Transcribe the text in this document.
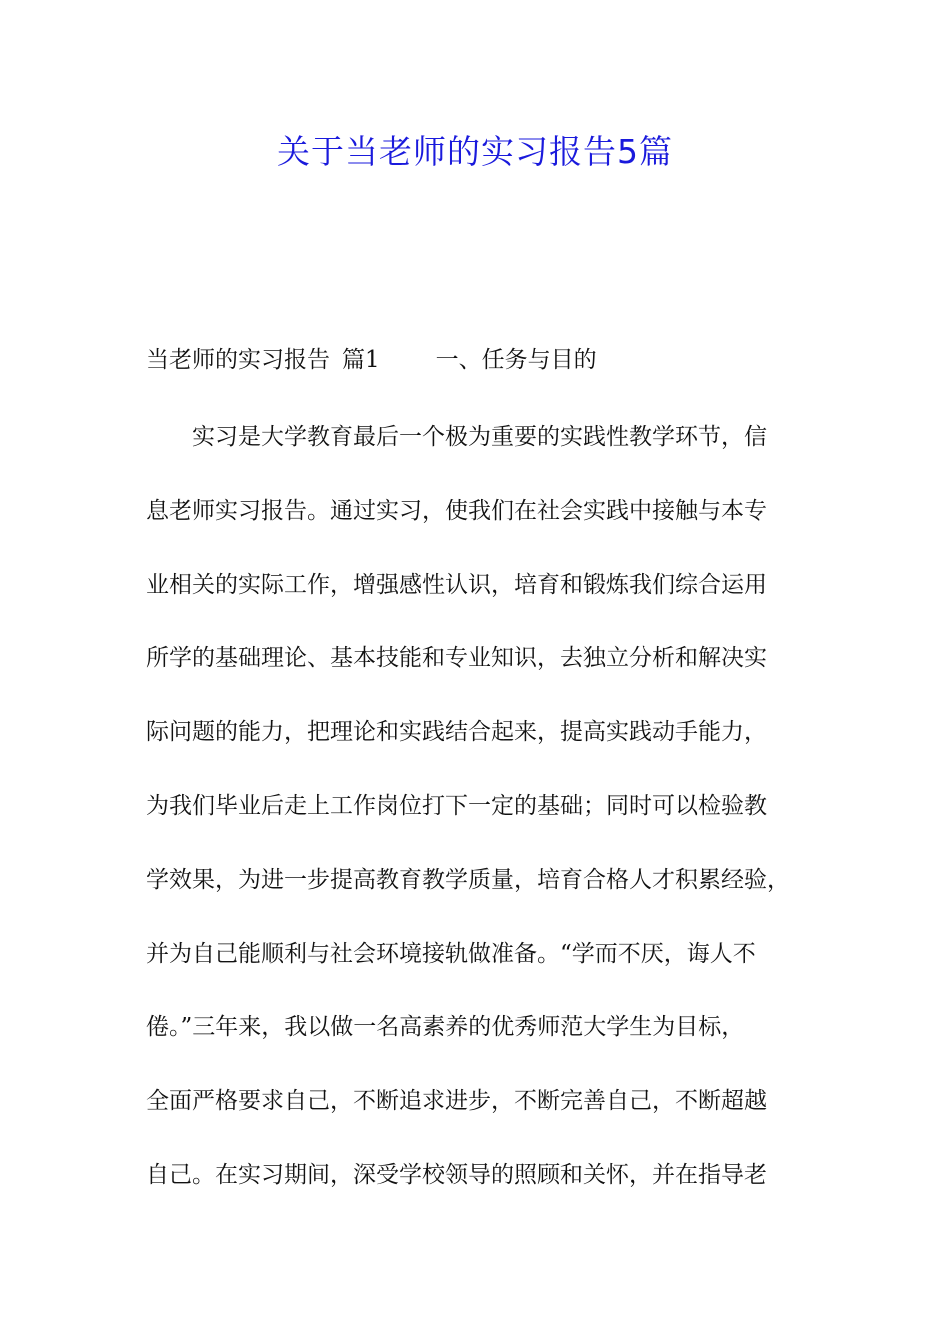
关于当老师的实习报告5篇

当老师的实习报告 篇1 一、任务与目的

实习是大学教育最后一个极为重要的实践性教学环节，信

息老师实习报告。通过实习，使我们在社会实践中接触与本专

业相关的实际工作，增强感性认识，培育和锻炼我们综合运用

所学的基础理论、基本技能和专业知识，去独立分析和解决实

际问题的能力，把理论和实践结合起来，提高实践动手能力，

为我们毕业后走上工作岗位打下一定的基础；同时可以检验教

学效果，为进一步提高教育教学质量，培育合格人才积累经验，

并为自己能顺利与社会环境接轨做准备。“学而不厌，诲人不

倦。”三年来，我以做一名高素养的优秀师范大学生为目标，

全面严格要求自己，不断追求进步，不断完善自己，不断超越

自己。在实习期间，深受学校领导的照顾和关怀，并在指导老
